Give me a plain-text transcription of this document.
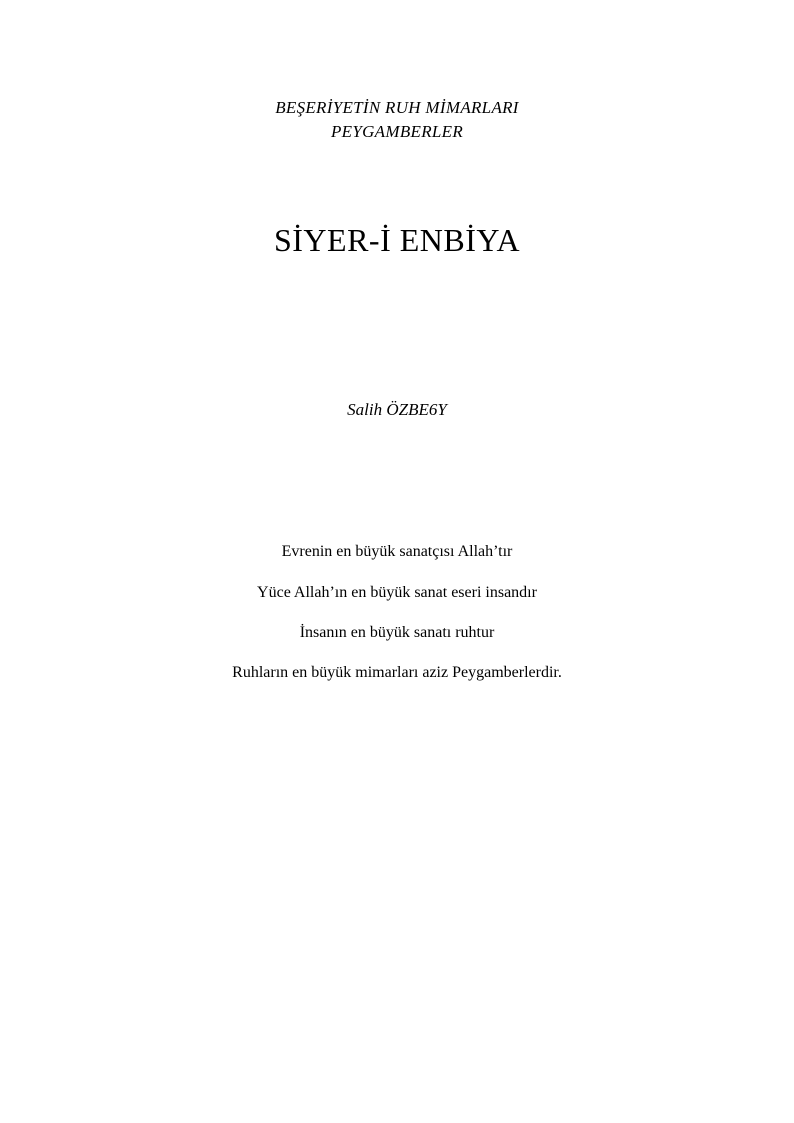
BEŞERİYETİN RUH MİMARLARI
PEYGAMBERLER
SİYER-İ ENBİYA
Salih ÖZBE6Y
Evrenin en büyük sanatçısı Allah’tır
Yüce Allah’ın en büyük sanat eseri insandır
İnsanın en büyük sanatı ruhtur
Ruhların en büyük mimarları aziz Peygamberlerdir.
